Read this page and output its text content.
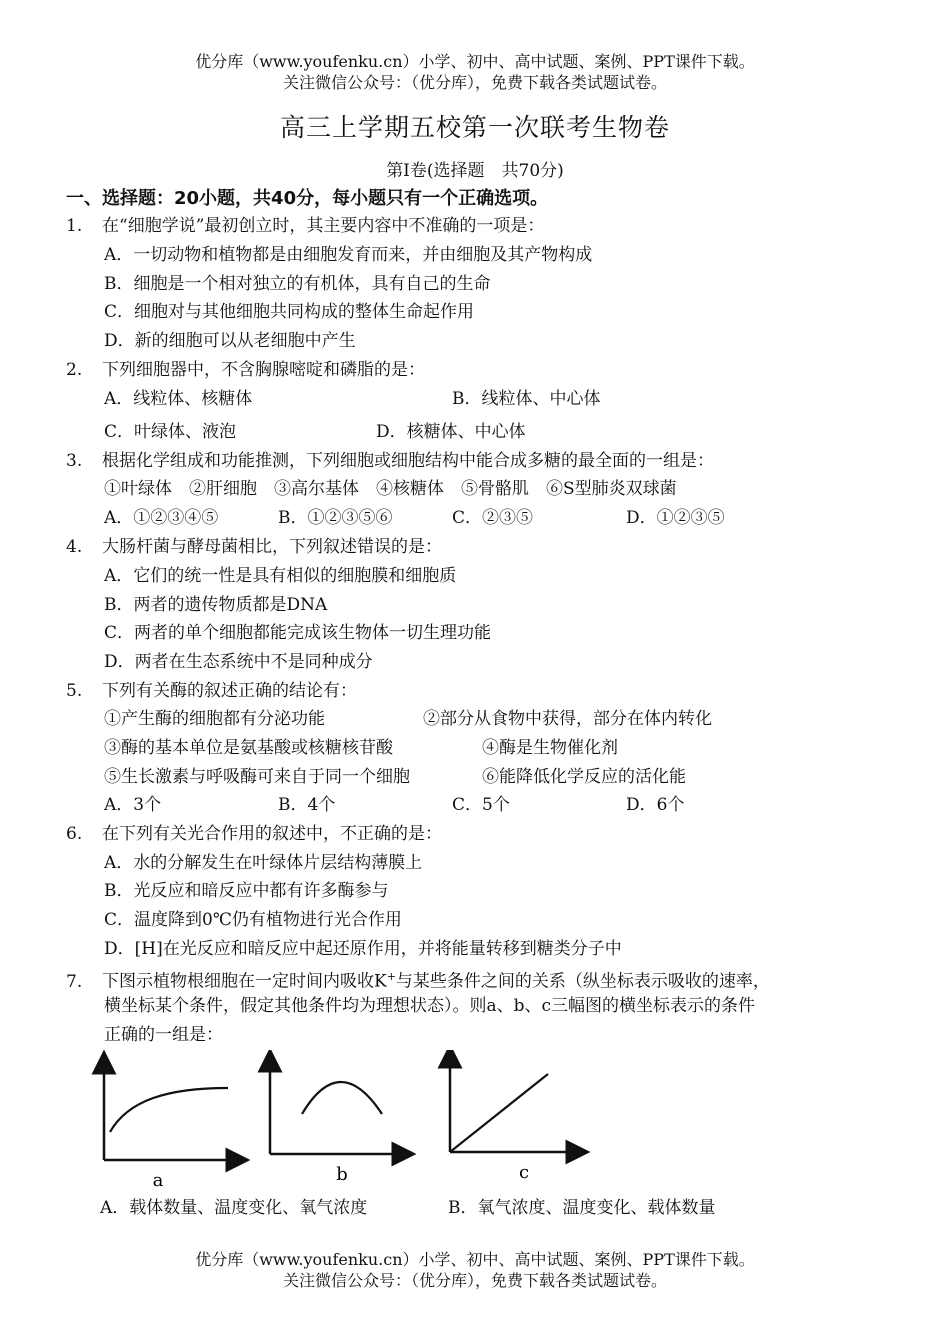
优分库（www.youfenku.cn）小学、初中、高中试题、案例、PPT课件下载。
关注微信公众号：（优分库），免费下载各类试题试卷。
高三上学期五校第一次联考生物卷
第Ⅰ卷(选择题　共70分)
一、选择题：20小题，共40分，每小题只有一个正确选项。
1. 在“细胞学说”最初创立时，其主要内容中不准确的一项是：
A．一切动物和植物都是由细胞发育而来，并由细胞及其产物构成
B．细胞是一个相对独立的有机体，具有自己的生命
C．细胞对与其他细胞共同构成的整体生命起作用
D．新的细胞可以从老细胞中产生
2. 下列细胞器中，不含胸腺嘧啶和磷脂的是：
A．线粒体、核糖体	B．线粒体、中心体
C．叶绿体、液泡	D．核糖体、中心体
3. 根据化学组成和功能推测，下列细胞或细胞结构中能合成多糖的最全面的一组是：
①叶绿体　②肝细胞　③高尔基体　④核糖体　⑤骨骼肌　⑥S型肺炎双球菌
A．①②③④⑤	B．①②③⑤⑥	C．②③⑤	D．①②③⑤
4. 大肠杆菌与酵母菌相比，下列叙述错误的是：
A．它们的统一性是具有相似的细胞膜和细胞质
B．两者的遗传物质都是DNA
C．两者的单个细胞都能完成该生物体一切生理功能
D．两者在生态系统中不是同种成分
5. 下列有关酶的叙述正确的结论有：
①产生酶的细胞都有分泌功能	②部分从食物中获得，部分在体内转化
③酶的基本单位是氨基酸或核糖核苷酸	④酶是生物催化剂
⑤生长激素与呼吸酶可来自于同一个细胞	⑥能降低化学反应的活化能
A．3个	B．4个	C．5个	D．6个
6. 在下列有关光合作用的叙述中，不正确的是：
A．水的分解发生在叶绿体片层结构薄膜上
B．光反应和暗反应中都有许多酶参与
C．温度降到0℃仍有植物进行光合作用
D．[H]在光反应和暗反应中起还原作用，并将能量转移到糖类分子中
7. 下图示植物根细胞在一定时间内吸收K+与某些条件之间的关系（纵坐标表示吸收的速率，
横坐标某个条件，假定其他条件均为理想状态）。则a、b、c三幅图的横坐标表示的条件
正确的一组是：
a	b	c
A．载体数量、温度变化、氧气浓度	B．氧气浓度、温度变化、载体数量
优分库（www.youfenku.cn）小学、初中、高中试题、案例、PPT课件下载。
关注微信公众号：（优分库），免费下载各类试题试卷。
